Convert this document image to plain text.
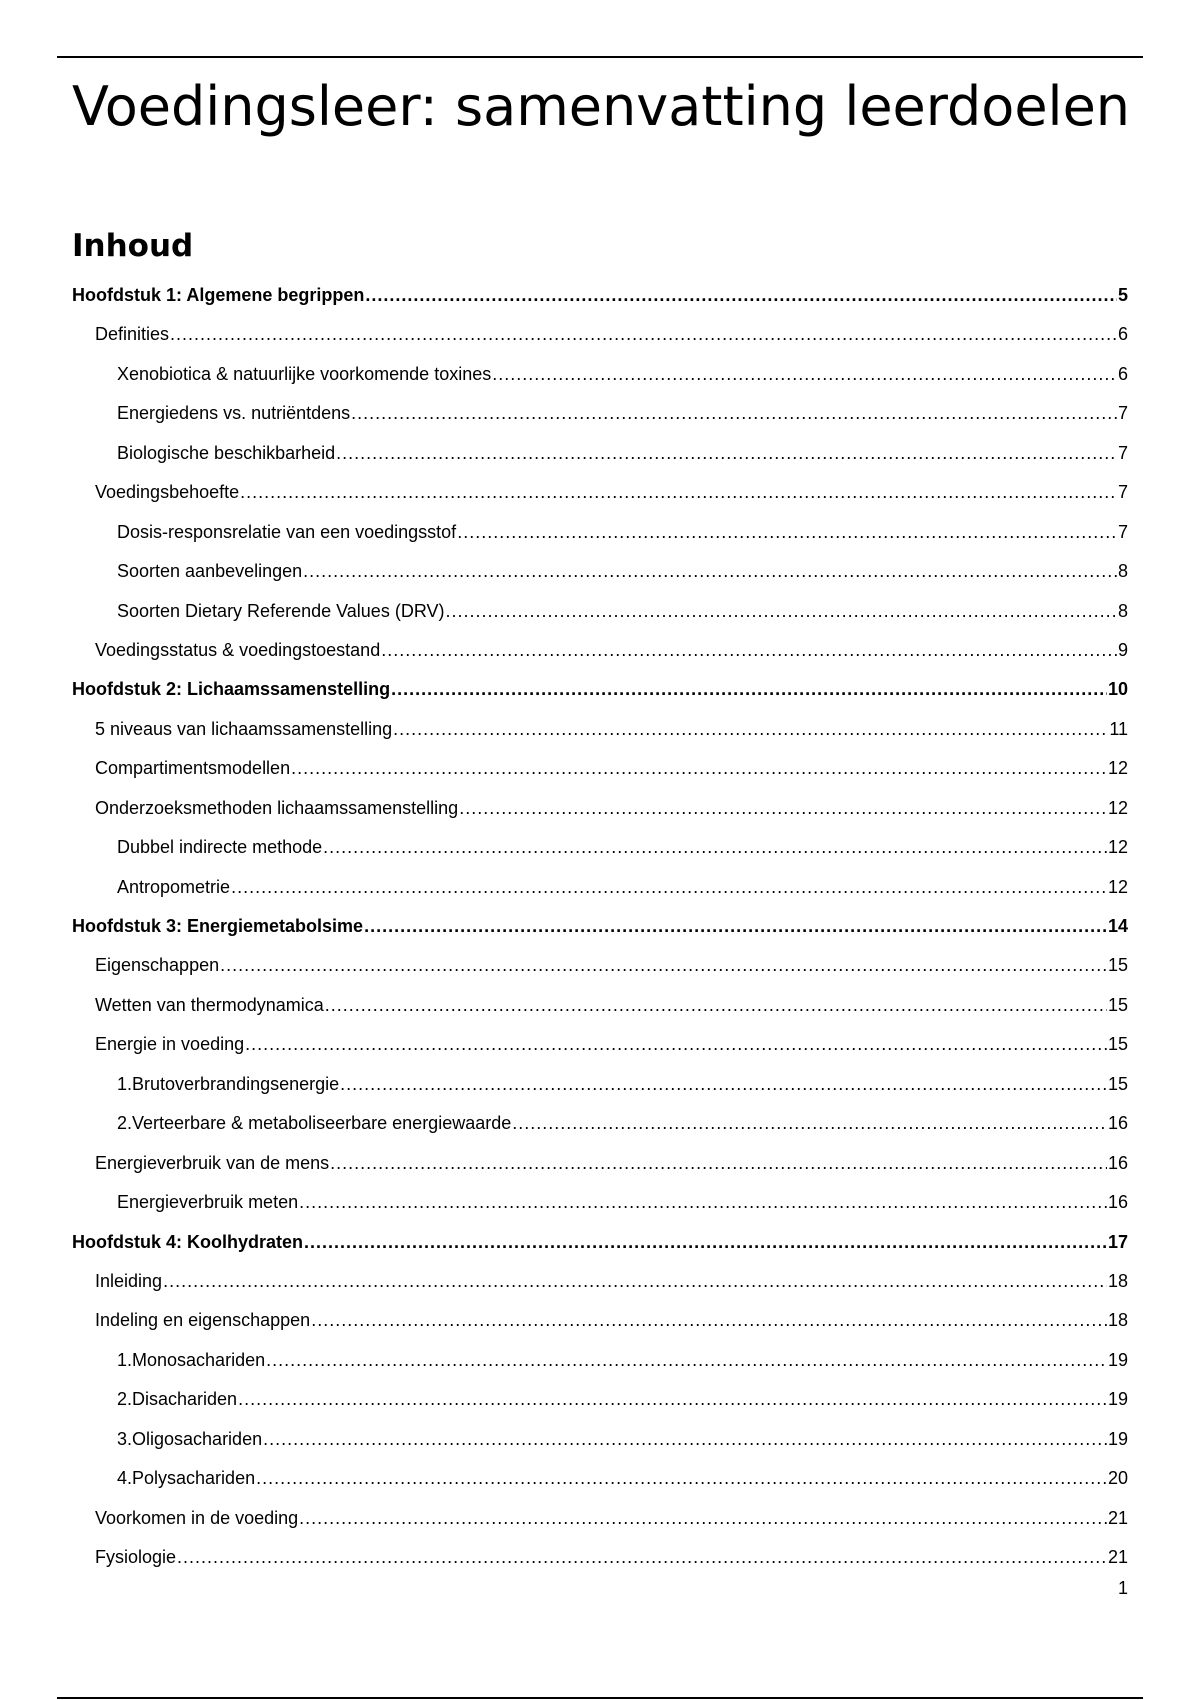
Voedingsleer: samenvatting leerdoelen
Inhoud
Hoofdstuk 1: Algemene begrippen .....	5
Definities .....	6
Xenobiotica & natuurlijke voorkomende toxines .....	6
Energiedens vs. nutriëntdens .....	7
Biologische beschikbarheid .....	7
Voedingsbehoefte .....	7
Dosis-responsrelatie van een voedingsstof .....	7
Soorten aanbevelingen .....	8
Soorten Dietary Referende Values (DRV) .....	8
Voedingsstatus & voedingstoestand .....	9
Hoofdstuk 2: Lichaamssamenstelling .....	10
5 niveaus van lichaamssamenstelling .....	11
Compartimentsmodellen .....	12
Onderzoeksmethoden lichaamssamenstelling .....	12
Dubbel indirecte methode .....	12
Antropometrie .....	12
Hoofdstuk 3: Energiemetabolsime .....	14
Eigenschappen .....	15
Wetten van thermodynamica .....	15
Energie in voeding .....	15
1.Brutoverbrandingsenergie .....	15
2.Verteerbare & metaboliseerbare energiewaarde .....	16
Energieverbruik van de mens .....	16
Energieverbruik meten .....	16
Hoofdstuk 4: Koolhydraten .....	17
Inleiding .....	18
Indeling en eigenschappen .....	18
1.Monosachariden .....	19
2.Disachariden .....	19
3.Oligosachariden .....	19
4.Polysachariden .....	20
Voorkomen in de voeding .....	21
Fysiologie .....	21
1
